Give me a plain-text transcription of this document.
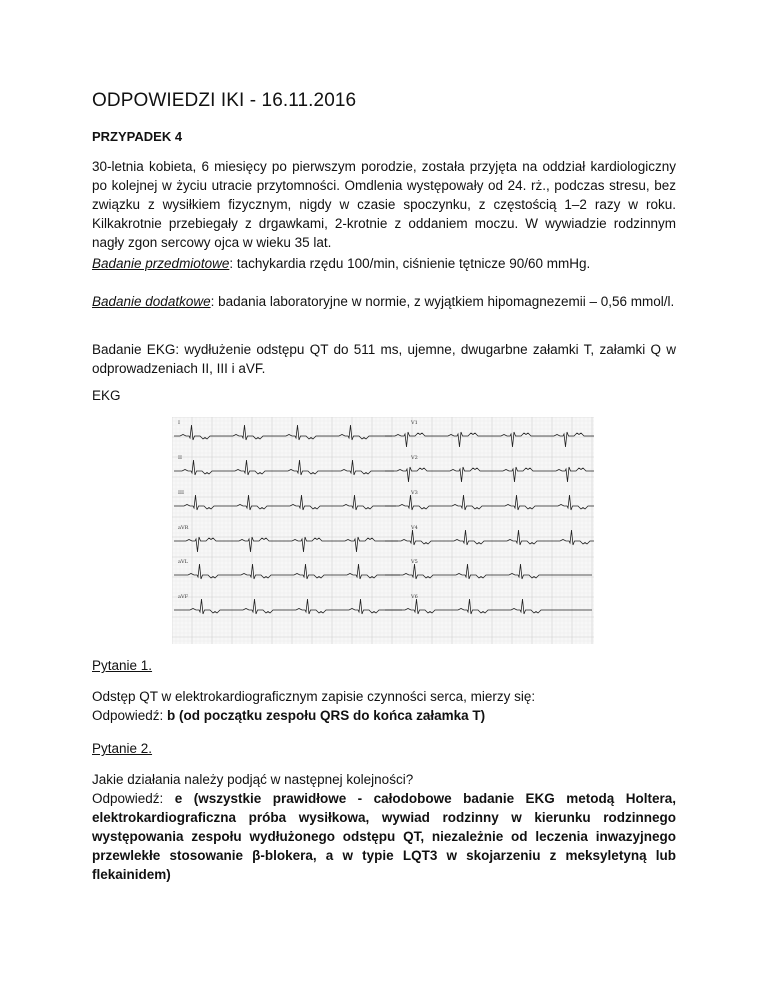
ODPOWIEDZI IKI - 16.11.2016
PRZYPADEK 4
30-letnia kobieta, 6 miesięcy po pierwszym porodzie, została przyjęta na oddział kardiologiczny po kolejnej w życiu utracie przytomności. Omdlenia występowały od 24. rż., podczas stresu, bez związku z wysiłkiem fizycznym, nigdy w czasie spoczynku, z częstością 1–2 razy w roku. Kilkakrotnie przebiegały z drgawkami, 2-krotnie z oddaniem moczu. W wywiadzie rodzinnym nagły zgon sercowy ojca w wieku 35 lat.
Badanie przedmiotowe: tachykardia rzędu 100/min, ciśnienie tętnicze 90/60 mmHg.
Badanie dodatkowe: badania laboratoryjne w normie, z wyjątkiem hipomagnezemii – 0,56 mmol/l.
Badanie EKG: wydłużenie odstępu QT do 511 ms, ujemne, dwugarbne załamki T, załamki Q w odprowadzeniach II, III i aVF.
EKG
I
II
III
aVR
aVL
aVF
V1
V2
V3
V4
V5
V6
Pytanie 1.
Odstęp QT w elektrokardiograficznym zapisie czynności serca, mierzy się:
Odpowiedź: b (od początku zespołu QRS do końca załamka T)
Pytanie 2.
Jakie działania należy podjąć w następnej kolejności?
Odpowiedź: e (wszystkie prawidłowe - całodobowe badanie EKG metodą Holtera, elektrokardiograficzna próba wysiłkowa, wywiad rodzinny w kierunku rodzinnego występowania zespołu wydłużonego odstępu QT, niezależnie od leczenia inwazyjnego przewlekłe stosowanie β-blokera, a w typie LQT3 w skojarzeniu z meksyletyną lub flekainidem)
